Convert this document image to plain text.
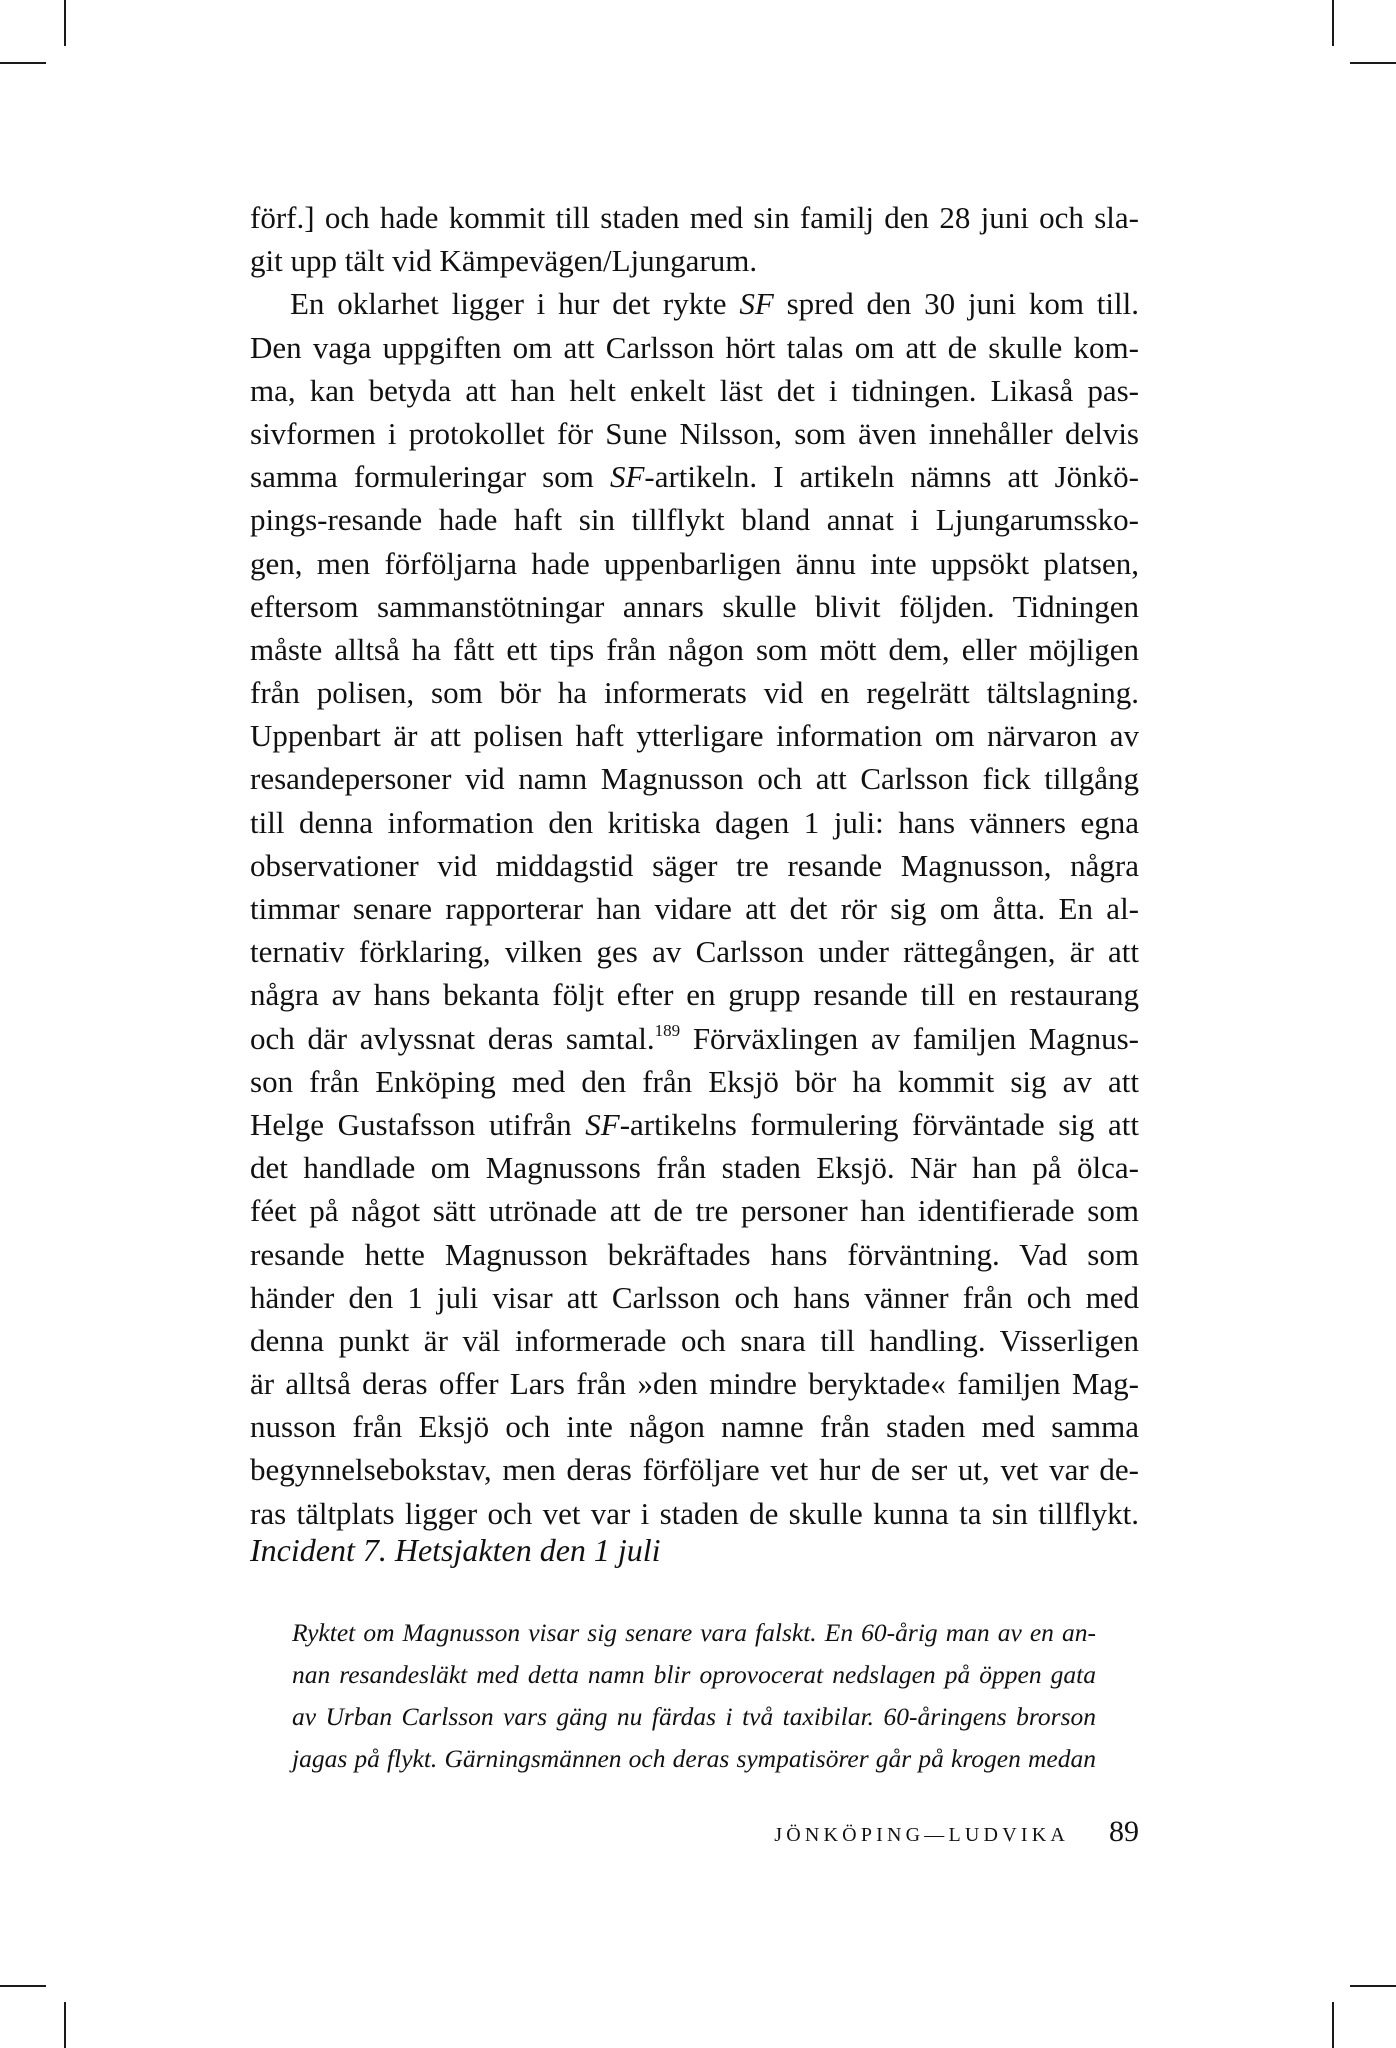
förf.] och hade kommit till staden med sin familj den 28 juni och sla-
git upp tält vid Kämpevägen/Ljungarum.
En oklarhet ligger i hur det rykte SF spred den 30 juni kom till.
Den vaga uppgiften om att Carlsson hört talas om att de skulle kom-
ma, kan betyda att han helt enkelt läst det i tidningen. Likaså pas-
sivformen i protokollet för Sune Nilsson, som även innehåller delvis
samma formuleringar som SF-artikeln. I artikeln nämns att Jönkö-
pings-resande hade haft sin tillflykt bland annat i Ljungarumssko-
gen, men förföljarna hade uppenbarligen ännu inte uppsökt platsen,
eftersom sammanstötningar annars skulle blivit följden. Tidningen
måste alltså ha fått ett tips från någon som mött dem, eller möjligen
från polisen, som bör ha informerats vid en regelrätt tältslagning.
Uppenbart är att polisen haft ytterligare information om närvaron av
resandepersoner vid namn Magnusson och att Carlsson fick tillgång
till denna information den kritiska dagen 1 juli: hans vänners egna
observationer vid middagstid säger tre resande Magnusson, några
timmar senare rapporterar han vidare att det rör sig om åtta. En al-
ternativ förklaring, vilken ges av Carlsson under rättegången, är att
några av hans bekanta följt efter en grupp resande till en restaurang
och där avlyssnat deras samtal.$^{189}$ Förväxlingen av familjen Magnus-
son från Enköping med den från Eksjö bör ha kommit sig av att
Helge Gustafsson utifrån SF-artikelns formulering förväntade sig att
det handlade om Magnussons från staden Eksjö. När han på ölca-
féet på något sätt utrönade att de tre personer han identifierade som
resande hette Magnusson bekräftades hans förväntning. Vad som
händer den 1 juli visar att Carlsson och hans vänner från och med
denna punkt är väl informerade och snara till handling. Visserligen
är alltså deras offer Lars från »den mindre beryktade« familjen Mag-
nusson från Eksjö och inte någon namne från staden med samma
begynnelsebokstav, men deras förföljare vet hur de ser ut, vet var de-
ras tältplats ligger och vet var i staden de skulle kunna ta sin tillflykt.
Incident 7. Hetsjakten den 1 juli
Ryktet om Magnusson visar sig senare vara falskt. En 60-årig man av en an-
nan resandesläkt med detta namn blir oprovocerat nedslagen på öppen gata
av Urban Carlsson vars gäng nu färdas i två taxibilar. 60-åringens brorson
jagas på flykt. Gärningsmännen och deras sympatisörer går på krogen medan
JÖNKÖPING—LUDVIKA 89
